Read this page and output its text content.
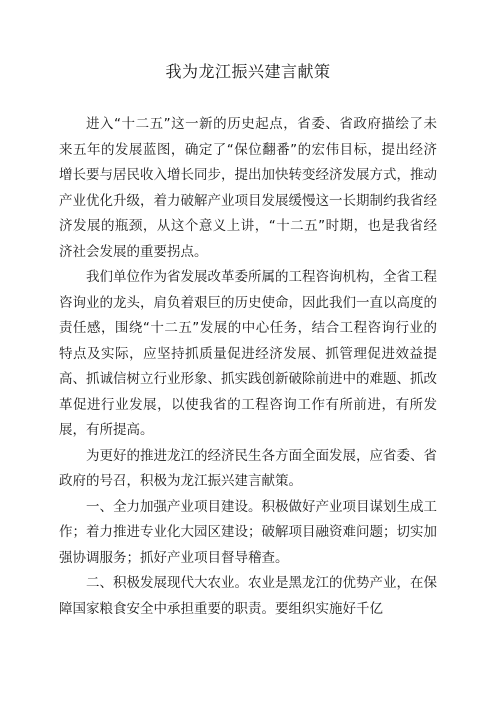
我为龙江振兴建言献策

进入“十二五”这一新的历史起点，省委、省政府描绘了未来五年的发展蓝图，确定了“保位翻番”的宏伟目标，提出经济增长要与居民收入增长同步，提出加快转变经济发展方式，推动产业优化升级，着力破解产业项目发展缓慢这一长期制约我省经济发展的瓶颈，从这个意义上讲，“十二五”时期，也是我省经济社会发展的重要拐点。

我们单位作为省发展改革委所属的工程咨询机构，全省工程咨询业的龙头，肩负着艰巨的历史使命，因此我们一直以高度的责任感，围绕“十二五”发展的中心任务，结合工程咨询行业的特点及实际，应坚持抓质量促进经济发展、抓管理促进效益提高、抓诚信树立行业形象、抓实践创新破除前进中的难题、抓改革促进行业发展，以使我省的工程咨询工作有所前进，有所发展，有所提高。

为更好的推进龙江的经济民生各方面全面发展，应省委、省政府的号召，积极为龙江振兴建言献策。

一、全力加强产业项目建设。积极做好产业项目谋划生成工作；着力推进专业化大园区建设；破解项目融资难问题；切实加强协调服务；抓好产业项目督导稽查。

二、积极发展现代大农业。农业是黑龙江的优势产业，在保障国家粮食安全中承担重要的职责。要组织实施好千亿
